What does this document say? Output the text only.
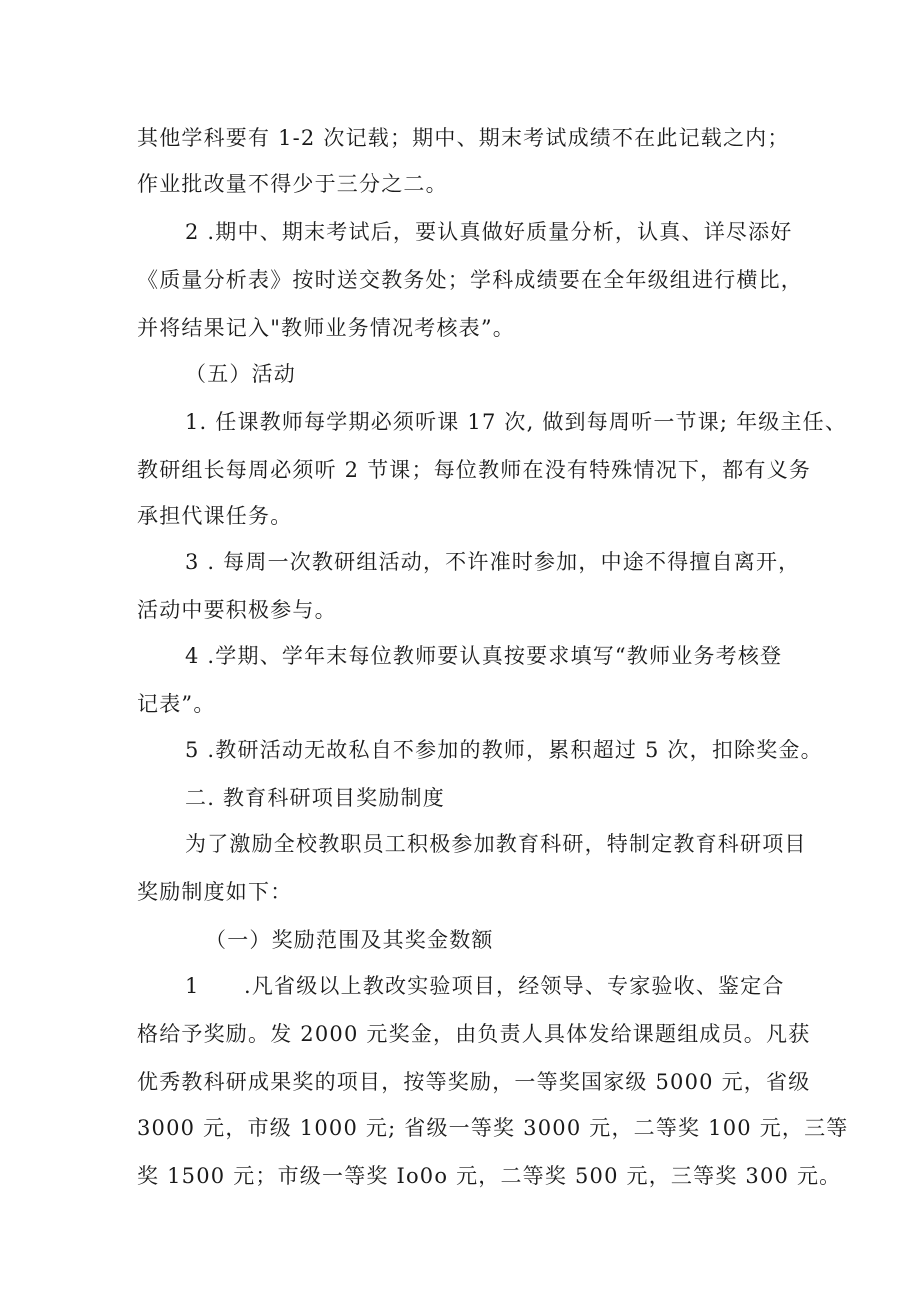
其他学科要有 1-2 次记载；期中、期末考试成绩不在此记载之内；
作业批改量不得少于三分之二。
2 .期中、期末考试后，要认真做好质量分析，认真、详尽添好
《质量分析表》按时送交教务处；学科成绩要在全年级组进行横比，
并将结果记入"教师业务情况考核表”。
（五）活动
1. 任课教师每学期必须听课 17 次, 做到每周听一节课; 年级主任、
教研组长每周必须听 2 节课；每位教师在没有特殊情况下，都有义务
承担代课任务。
3 . 每周一次教研组活动，不许准时参加，中途不得擅自离开，
活动中要积极参与。
4 .学期、学年末每位教师要认真按要求填写“教师业务考核登
记表”。
5 .教研活动无故私自不参加的教师，累积超过 5 次，扣除奖金。
二. 教育科研项目奖励制度
为了激励全校教职员工积极参加教育科研，特制定教育科研项目
奖励制度如下：
（一）奖励范围及其奖金数额
1　　.凡省级以上教改实验项目，经领导、专家验收、鉴定合
格给予奖励。发 2000 元奖金，由负责人具体发给课题组成员。凡获
优秀教科研成果奖的项目，按等奖励，一等奖国家级 5000 元，省级
3000 元，市级 1000 元; 省级一等奖 3000 元，二等奖 100 元，三等
奖 1500 元；市级一等奖 Io0o 元，二等奖 500 元，三等奖 300 元。
